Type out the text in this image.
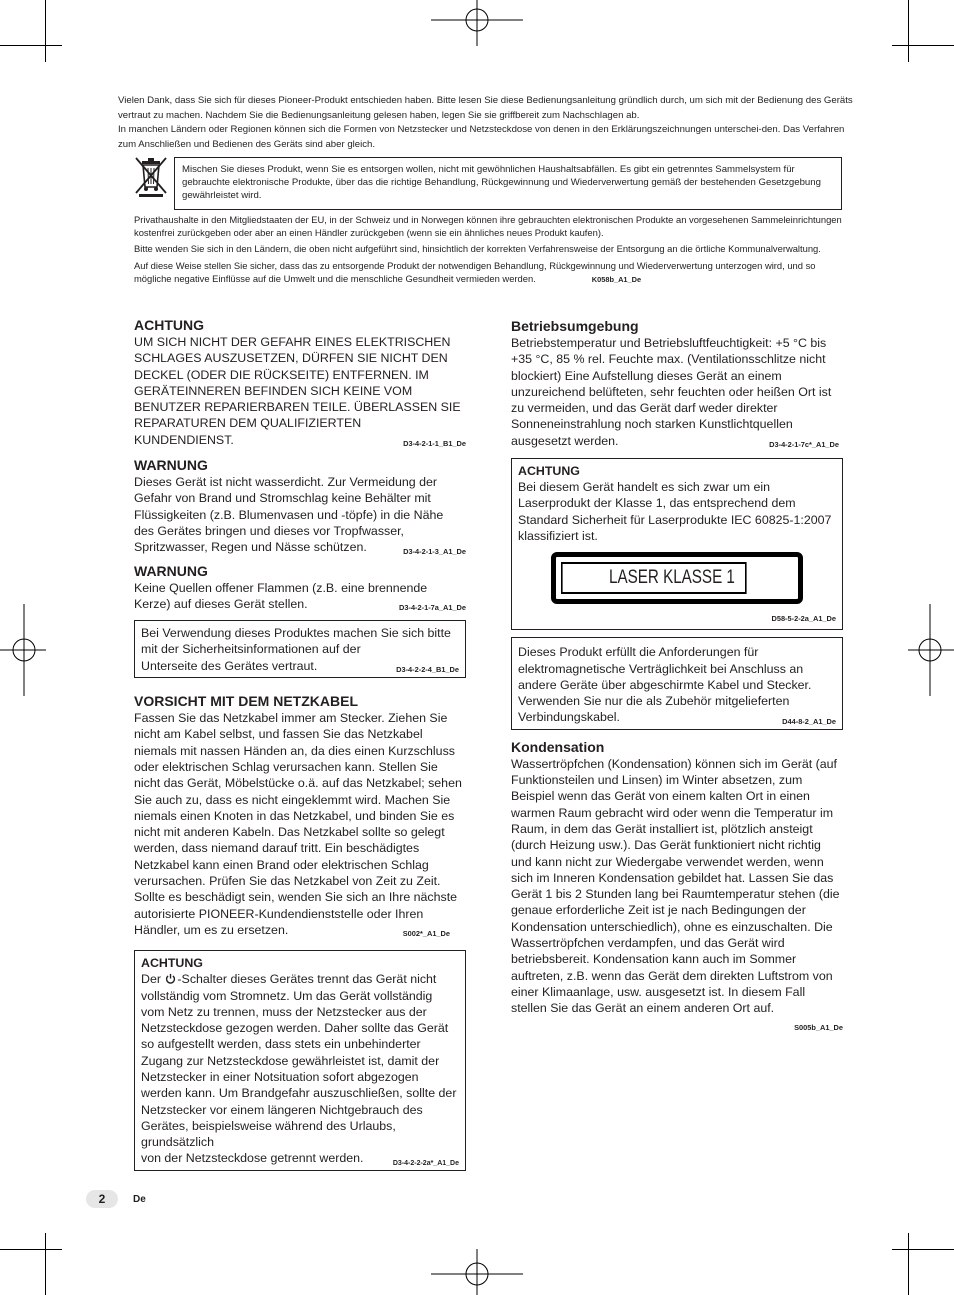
Vielen Dank, dass Sie sich für dieses Pioneer-Produkt entschieden haben. Bitte lesen Sie diese Bedienungsanleitung gründlich durch, um sich mit der Bedienung des Geräts vertraut zu machen. Nachdem Sie die Bedienungsanleitung gelesen haben, legen Sie sie griffbereit zum Nachschlagen ab.

In manchen Ländern oder Regionen können sich die Formen von Netzstecker und Netzsteckdose von denen in den Erklärungszeichnungen unterschei-den. Das Verfahren zum Anschließen und Bedienen des Geräts sind aber gleich.

Mischen Sie dieses Produkt, wenn Sie es entsorgen wollen, nicht mit gewöhnlichen Haushaltsabfällen. Es gibt ein getrenntes Sammelsystem für gebrauchte elektronische Produkte, über das die richtige Behandlung, Rückgewinnung und Wiederverwertung gemäß der bestehenden Gesetzgebung gewährleistet wird.

Privathaushalte in den Mitgliedstaaten der EU, in der Schweiz und in Norwegen können ihre gebrauchten elektronischen Produkte an vorgesehenen Sammeleinrichtungen kostenfrei zurückgeben oder aber an einen Händler zurückgeben (wenn sie ein ähnliches neues Produkt kaufen).

Bitte wenden Sie sich in den Ländern, die oben nicht aufgeführt sind, hinsichtlich der korrekten Verfahrensweise der Entsorgung an die örtliche Kommunalverwaltung.

Auf diese Weise stellen Sie sicher, dass das zu entsorgende Produkt der notwendigen Behandlung, Rückgewinnung und Wiederverwertung unterzogen wird, und so mögliche negative Einflüsse auf die Umwelt und die menschliche Gesundheit vermieden werden.	K058b_A1_De

ACHTUNG

UM SICH NICHT DER GEFAHR EINES ELEKTRISCHEN SCHLAGES AUSZUSETZEN, DÜRFEN SIE NICHT DEN DECKEL (ODER DIE RÜCKSEITE) ENTFERNEN. IM GERÄTEINNEREN BEFINDEN SICH KEINE VOM BENUTZER REPARIERBAREN TEILE. ÜBERLASSEN SIE REPARATUREN DEM QUALIFIZIERTEN

KUNDENDIENST.	D3-4-2-1-1_B1_De
WARNUNG

Dieses Gerät ist nicht wasserdicht. Zur Vermeidung der Gefahr von Brand und Stromschlag keine Behälter mit Flüssigkeiten (z.B. Blumenvasen und -töpfe) in die Nähe des Gerätes bringen und dieses vor Tropfwasser,

Spritzwasser, Regen und Nässe schützen.	D3-4-2-1-3_A1_De
WARNUNG

Keine Quellen offener Flammen (z.B. eine brennende

Kerze) auf dieses Gerät stellen.	D3-4-2-1-7a_A1_De

Bei Verwendung dieses Produktes machen Sie sich bitte mit der Sicherheitsinformationen auf der

Unterseite des Gerätes vertraut.	D3-4-2-2-4_B1_De
VORSICHT MIT DEM NETZKABEL

Fassen Sie das Netzkabel immer am Stecker. Ziehen Sie nicht am Kabel selbst, und fassen Sie das Netzkabel niemals mit nassen Händen an, da dies einen Kurzschluss oder elektrischen Schlag verursachen kann. Stellen Sie nicht das Gerät, Möbelstücke o.ä. auf das Netzkabel; sehen Sie auch zu, dass es nicht eingeklemmt wird. Machen Sie niemals einen Knoten in das Netzkabel, und binden Sie es nicht mit anderen Kabeln. Das Netzkabel sollte so gelegt werden, dass niemand darauf tritt. Ein beschädigtes Netzkabel kann einen Brand oder elektrischen Schlag verursachen. Prüfen Sie das Netzkabel von Zeit zu Zeit. Sollte es beschädigt sein, wenden Sie sich an Ihre nächste autorisierte PIONEER-Kundendienststelle oder Ihren

Händler, um es zu ersetzen.	S002*_A1_De
ACHTUNG

Der -Schalter dieses Gerätes trennt das Gerät nicht vollständig vom Stromnetz. Um das Gerät vollständig vom Netz zu trennen, muss der Netzstecker aus der Netzsteckdose gezogen werden. Daher sollte das Gerät so aufgestellt werden, dass stets ein unbehinderter Zugang zur Netzsteckdose gewährleistet ist, damit der Netzstecker in einer Notsituation sofort abgezogen werden kann. Um Brandgefahr auszuschließen, sollte der Netzstecker vor einem längeren Nichtgebrauch des Gerätes, beispielsweise während des Urlaubs, grundsätzlich

von der Netzsteckdose getrennt werden.	D3-4-2-2-2a*_A1_De
Betriebsumgebung

Betriebstemperatur und Betriebsluftfeuchtigkeit: +5 °C bis +35 °C, 85 % rel. Feuchte max. (Ventilationsschlitze nicht blockiert) Eine Aufstellung dieses Gerät an einem unzureichend belüfteten, sehr feuchten oder heißen Ort ist zu vermeiden, und das Gerät darf weder direkter Sonneneinstrahlung noch starken Kunstlichtquellen

ausgesetzt werden.	D3-4-2-1-7c*_A1_De
ACHTUNG

Bei diesem Gerät handelt es sich zwar um ein Laserprodukt der Klasse 1, das entsprechend dem Standard Sicherheit für Laserprodukte IEC 60825-1:2007 klassifiziert ist.

LASER KLASSE 1
D58-5-2-2a_A1_De

Dieses Produkt erfüllt die Anforderungen für elektromagnetische Verträglichkeit bei Anschluss an andere Geräte über abgeschirmte Kabel und Stecker. Verwenden Sie nur die als Zubehör mitgelieferten

Verbindungskabel.	D44-8-2_A1_De
Kondensation

Wassertröpfchen (Kondensation) können sich im Gerät (auf Funktionsteilen und Linsen) im Winter absetzen, zum Beispiel wenn das Gerät von einem kalten Ort in einen warmen Raum gebracht wird oder wenn die Temperatur im Raum, in dem das Gerät installiert ist, plötzlich ansteigt (durch Heizung usw.). Das Gerät funktioniert nicht richtig und kann nicht zur Wiedergabe verwendet werden, wenn sich im Inneren Kondensation gebildet hat. Lassen Sie das Gerät 1 bis 2 Stunden lang bei Raumtemperatur stehen (die genaue erforderliche Zeit ist je nach Bedingungen der Kondensation unterschiedlich), ohne es einzuschalten. Die Wassertröpfchen verdampfen, und das Gerät wird betriebsbereit. Kondensation kann auch im Sommer auftreten, z.B. wenn das Gerät dem direkten Luftstrom von einer Klimaanlage, usw. ausgesetzt ist. In diesem Fall stellen Sie das Gerät an einem anderen Ort auf.

S005b_A1_De
2	De
